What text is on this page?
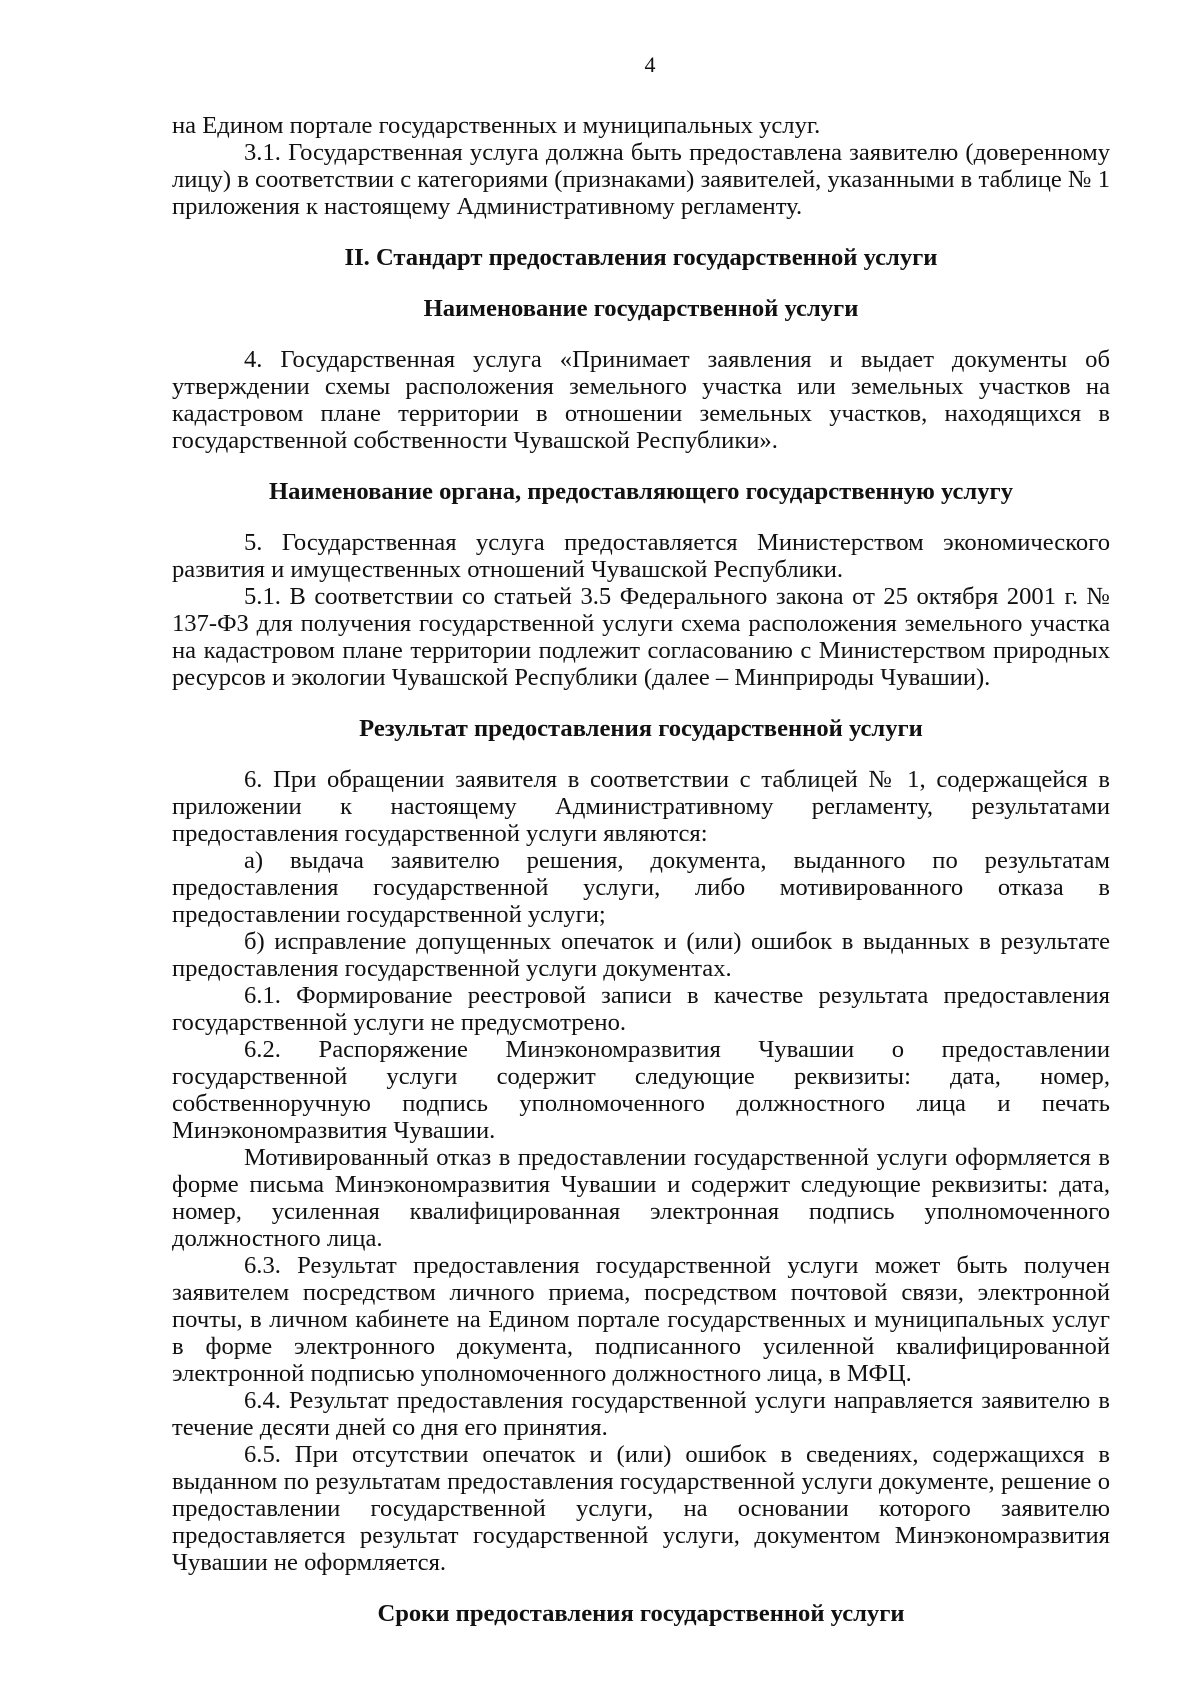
4

на Едином портале государственных и муниципальных услуг.

3.1. Государственная услуга должна быть предоставлена заявителю (доверенному лицу) в соответствии с категориями (признаками) заявителей, указанными в таблице № 1 приложения к настоящему Административному регламенту.

II. Стандарт предоставления государственной услуги
Наименование государственной услуги

4. Государственная услуга «Принимает заявления и выдает документы об утверждении схемы расположения земельного участка или земельных участков на кадастровом плане территории в отношении земельных участков, находящихся в государственной собственности Чувашской Республики».

Наименование органа, предоставляющего государственную услугу

5. Государственная услуга предоставляется Министерством экономического развития и имущественных отношений Чувашской Республики.

5.1. В соответствии со статьей 3.5 Федерального закона от 25 октября 2001 г. № 137-ФЗ для получения государственной услуги схема расположения земельного участка на кадастровом плане территории подлежит согласованию с Министерством природных ресурсов и экологии Чувашской Республики (далее – Минприроды Чувашии).

Результат предоставления государственной услуги

6. При обращении заявителя в соответствии с таблицей № 1, содержащейся в приложении к настоящему Административному регламенту, результатами предоставления государственной услуги являются:

а) выдача заявителю решения, документа, выданного по результатам предоставления государственной услуги, либо мотивированного отказа в предоставлении государственной услуги;

б) исправление допущенных опечаток и (или) ошибок в выданных в результате предоставления государственной услуги документах.

6.1. Формирование реестровой записи в качестве результата предоставления государственной услуги не предусмотрено.

6.2. Распоряжение Минэкономразвития Чувашии о предоставлении государственной услуги содержит следующие реквизиты: дата, номер, собственноручную подпись уполномоченного должностного лица и печать Минэкономразвития Чувашии.

Мотивированный отказ в предоставлении государственной услуги оформляется в форме письма Минэкономразвития Чувашии и содержит следующие реквизиты: дата, номер, усиленная квалифицированная электронная подпись уполномоченного должностного лица.

6.3. Результат предоставления государственной услуги может быть получен заявителем посредством личного приема, посредством почтовой связи, электронной почты, в личном кабинете на Едином портале государственных и муниципальных услуг в форме электронного документа, подписанного усиленной квалифицированной электронной подписью уполномоченного должностного лица, в МФЦ.

6.4. Результат предоставления государственной услуги направляется заявителю в течение десяти дней со дня его принятия.

6.5. При отсутствии опечаток и (или) ошибок в сведениях, содержащихся в выданном по результатам предоставления государственной услуги документе, решение о предоставлении государственной услуги, на основании которого заявителю предоставляется результат государственной услуги, документом Минэкономразвития Чувашии не оформляется.

Сроки предоставления государственной услуги
